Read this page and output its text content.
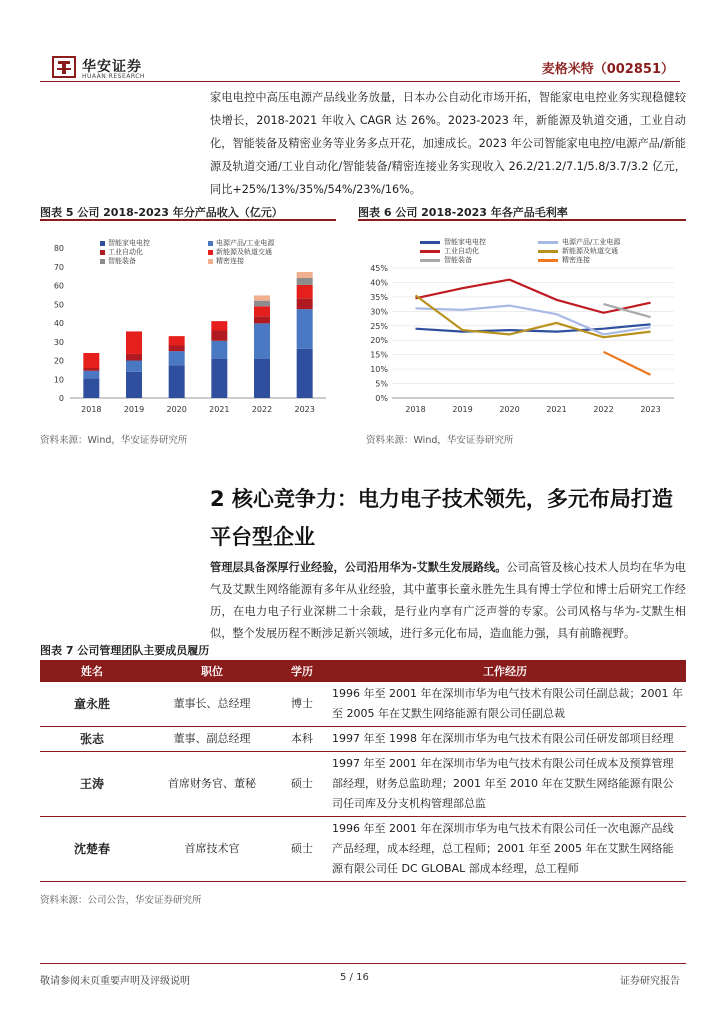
华安证券
HUAAN RESEARCH	麦格米特（002851）
家电电控中高压电源产品线业务放量，日本办公自动化市场开拓，智能家电电控业务实现稳健较快增长，2018-2021 年收入 CAGR 达 26%。2023-2023 年，新能源及轨道交通，工业自动化，智能装备及精密业务等业务多点开花，加速成长。2023 年公司智能家电电控/电源产品/新能源及轨道交通/工业自动化/智能装备/精密连接业务实现收入 26.2/21.2/7.1/5.8/3.7/3.2 亿元，同比+25%/13%/35%/54%/23%/16%。
图表 5 公司 2018-2023 年分产品收入（亿元）
0
10
20
30
40
50
60
70
80
2018	2019	2020	2021	2022	2023
智能家电电控	电源产品/工业电源
工业自动化	新能源及轨道交通
智能装备	精密连接
资料来源：Wind，华安证券研究所
图表 6 公司 2018-2023 年各产品毛利率
0%
5%
10%
15%
20%
25%
30%
35%
40%
45%
2018	2019	2020	2021	2022	2023
智能家电电控	电源产品/工业电源
工业自动化	新能源及轨道交通
智能装备	精密连接
资料来源：Wind，华安证券研究所
2 核心竞争力：电力电子技术领先，多元布局打造平台型企业
管理层具备深厚行业经验，公司沿用华为-艾默生发展路线。公司高管及核心技术人员均在华为电气及艾默生网络能源有多年从业经验，其中董事长童永胜先生具有博士学位和博士后研究工作经历，在电力电子行业深耕二十余载，是行业内享有广泛声誉的专家。公司风格与华为-艾默生相似，整个发展历程不断涉足新兴领域，进行多元化布局，造血能力强，具有前瞻视野。
图表 7 公司管理团队主要成员履历
姓名	职位	学历	工作经历
童永胜	董事长、总经理	博士	1996 年至 2001 年在深圳市华为电气技术有限公司任副总裁；2001 年至 2005 年在艾默生网络能源有限公司任副总裁
张志	董事、副总经理	本科	1997 年至 1998 年在深圳市华为电气技术有限公司任研发部项目经理
王涛	首席财务官、董秘	硕士	1997 年至 2001 年在深圳市华为电气技术有限公司任成本及预算管理部经理，财务总监助理；2001 年至 2010 年在艾默生网络能源有限公司任司库及分支机构管理部总监
沈楚春	首席技术官	硕士	1996 年至 2001 年在深圳市华为电气技术有限公司任一次电源产品线产品经理，成本经理，总工程师；2001 年至 2005 年在艾默生网络能源有限公司任 DC GLOBAL 部成本经理，总工程师
资料来源：公司公告，华安证券研究所
敬请参阅末页重要声明及评级说明	5 / 16	证券研究报告
